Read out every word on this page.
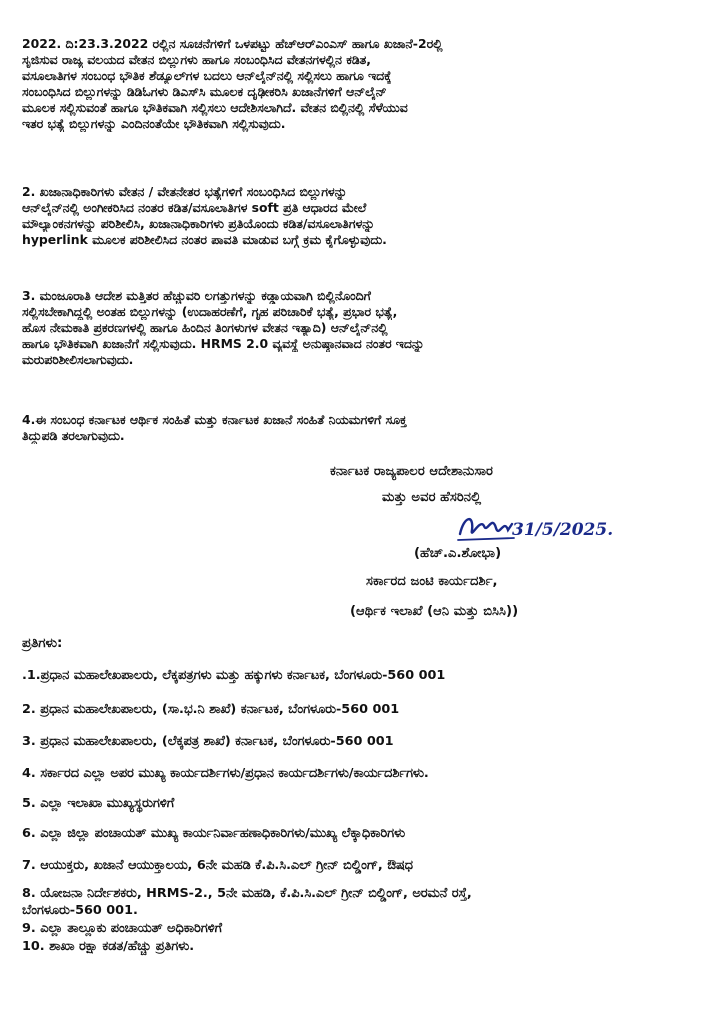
2022. ದಿ:23.3.2022 ರಲ್ಲಿನ ಸೂಚನೆಗಳಿಗೆ ಒಳಪಟ್ಟು ಹೆಚ್‌ಆರ್‌ಎಂಎಸ್ ಹಾಗೂ ಖಜಾನೆ-2ರಲ್ಲಿ
ಸೃಜಿಸುವ ರಾಜ್ಯ ವಲಯದ ವೇತನ ಬಿಲ್ಲುಗಳು ಹಾಗೂ ಸಂಬಂಧಿಸಿದ ವೇತನಗಳಲ್ಲಿನ ಕಡಿತ,
ವಸೂಲಾತಿಗಳ ಸಂಬಂಧ ಭೌತಿಕ ಶೆಡ್ಯೂಲ್‌ಗಳ ಬದಲು ಆನ್‌ಲೈನ್‌ನಲ್ಲಿ ಸಲ್ಲಿಸಲು ಹಾಗೂ ಇದಕ್ಕೆ
ಸಂಬಂಧಿಸಿದ ಬಿಲ್ಲುಗಳನ್ನು ಡಿಡಿಓಗಳು ಡಿಎಸ್‌ಸಿ ಮೂಲಕ ದೃಢೀಕರಿಸಿ ಖಜಾನೆಗಳಿಗೆ ಆನ್‌ಲೈನ್
ಮೂಲಕ ಸಲ್ಲಿಸುವಂತೆ ಹಾಗೂ ಭೌತಿಕವಾಗಿ ಸಲ್ಲಿಸಲು ಆದೇಶಿಸಲಾಗಿದೆ. ವೇತನ ಬಿಲ್ಲಿನಲ್ಲಿ ಸೆಳೆಯುವ
ಇತರ ಭತ್ಯೆ ಬಿಲ್ಲುಗಳನ್ನು ಎಂದಿನಂತೆಯೇ ಭೌತಿಕವಾಗಿ ಸಲ್ಲಿಸುವುದು.
2. ಖಜಾನಾಧಿಕಾರಿಗಳು ವೇತನ / ವೇತನೇತರ ಭತ್ಯೆಗಳಿಗೆ ಸಂಬಂಧಿಸಿದ ಬಿಲ್ಲುಗಳನ್ನು
ಆನ್‌ಲೈನ್‌ನಲ್ಲಿ ಅಂಗೀಕರಿಸಿದ ನಂತರ ಕಡಿತ/ವಸೂಲಾತಿಗಳ soft ಪ್ರತಿ ಆಧಾರದ ಮೇಲೆ
ಮೌಲ್ಯಾಂಕನಗಳನ್ನು ಪರಿಶೀಲಿಸಿ, ಖಜಾನಾಧಿಕಾರಿಗಳು ಪ್ರತಿಯೊಂದು ಕಡಿತ/ವಸೂಲಾತಿಗಳನ್ನು
hyperlink ಮೂಲಕ ಪರಿಶೀಲಿಸಿದ ನಂತರ ಪಾವತಿ ಮಾಡುವ ಬಗ್ಗೆ ಕ್ರಮ ಕೈಗೊಳ್ಳುವುದು.
3. ಮಂಜೂರಾತಿ ಆದೇಶ ಮತ್ತಿತರ ಹೆಚ್ಚುವರಿ ಲಗತ್ತುಗಳನ್ನು ಕಡ್ಡಾಯವಾಗಿ ಬಿಲ್ಲಿನೊಂದಿಗೆ
ಸಲ್ಲಿಸಬೇಕಾಗಿದ್ದಲ್ಲಿ ಅಂತಹ ಬಿಲ್ಲುಗಳನ್ನು (ಉದಾಹರಣೆಗೆ, ಗೃಹ ಪರಿಚಾರಿಕೆ ಭತ್ಯೆ, ಪ್ರಭಾರ ಭತ್ಯೆ,
ಹೊಸ ನೇಮಕಾತಿ ಪ್ರಕರಣಗಳಲ್ಲಿ ಹಾಗೂ ಹಿಂದಿನ ತಿಂಗಳುಗಳ ವೇತನ ಇತ್ಯಾದಿ) ಆನ್‌ಲೈನ್‌ನಲ್ಲಿ
ಹಾಗೂ ಭೌತಿಕವಾಗಿ ಖಜಾನೆಗೆ ಸಲ್ಲಿಸುವುದು. HRMS 2.0 ವ್ಯವಸ್ಥೆ ಅನುಷ್ಠಾನವಾದ ನಂತರ ಇದನ್ನು
ಮರುಪರಿಶೀಲಿಸಲಾಗುವುದು.
4.ಈ ಸಂಬಂಧ ಕರ್ನಾಟಕ ಆರ್ಥಿಕ ಸಂಹಿತೆ ಮತ್ತು ಕರ್ನಾಟಕ ಖಜಾನೆ ಸಂಹಿತೆ ನಿಯಮಗಳಿಗೆ ಸೂಕ್ತ
ತಿದ್ದುಪಡಿ ತರಲಾಗುವುದು.
ಕರ್ನಾಟಕ ರಾಜ್ಯಪಾಲರ ಆದೇಶಾನುಸಾರ
ಮತ್ತು ಅವರ ಹೆಸರಿನಲ್ಲಿ
31/5/2025.
(ಹೆಚ್.ಎ.ಶೋಭಾ)
ಸರ್ಕಾರದ ಜಂಟಿ ಕಾರ್ಯದರ್ಶಿ,
(ಆರ್ಥಿಕ ಇಲಾಖೆ (ಆನಿ ಮತ್ತು ಬಿಸಿಸಿ))
ಪ್ರತಿಗಳು:
.1.ಪ್ರಧಾನ ಮಹಾಲೇಖಪಾಲರು, ಲೆಕ್ಕಪತ್ರಗಳು ಮತ್ತು ಹಕ್ಕುಗಳು ಕರ್ನಾಟಕ, ಬೆಂಗಳೂರು-560 001
2. ಪ್ರಧಾನ ಮಹಾಲೇಖಪಾಲರು, (ಸಾ.ಭ.ನಿ ಶಾಖೆ) ಕರ್ನಾಟಕ, ಬೆಂಗಳೂರು-560 001
3. ಪ್ರಧಾನ ಮಹಾಲೇಖಪಾಲರು, (ಲೆಕ್ಕಪತ್ರ ಶಾಖೆ) ಕರ್ನಾಟಕ, ಬೆಂಗಳೂರು-560 001
4. ಸರ್ಕಾರದ ಎಲ್ಲಾ ಅಪರ ಮುಖ್ಯ ಕಾರ್ಯದರ್ಶಿಗಳು/ಪ್ರಧಾನ ಕಾರ್ಯದರ್ಶಿಗಳು/ಕಾರ್ಯದರ್ಶಿಗಳು.
5. ಎಲ್ಲಾ ಇಲಾಖಾ ಮುಖ್ಯಸ್ಥರುಗಳಿಗೆ
6. ಎಲ್ಲಾ ಜಿಲ್ಲಾ ಪಂಚಾಯತ್ ಮುಖ್ಯ ಕಾರ್ಯನಿರ್ವಾಹಣಾಧಿಕಾರಿಗಳು/ಮುಖ್ಯ ಲೆಕ್ಕಾಧಿಕಾರಿಗಳು
7. ಆಯುಕ್ತರು, ಖಜಾನೆ ಆಯುಕ್ತಾಲಯ, 6ನೇ ಮಹಡಿ ಕೆ.ಪಿ.ಸಿ.ಎಲ್ ಗ್ರೀನ್ ಬಿಲ್ಡಿಂಗ್, ಔಷಧ
8. ಯೋಜನಾ ನಿರ್ದೇಶಕರು, HRMS-2., 5ನೇ ಮಹಡಿ, ಕೆ.ಪಿ.ಸಿ.ಎಲ್ ಗ್ರೀನ್ ಬಿಲ್ಡಿಂಗ್, ಅರಮನೆ ರಸ್ತೆ,
ಬೆಂಗಳೂರು-560 001.
9. ಎಲ್ಲಾ ತಾಲ್ಲೂಕು ಪಂಚಾಯತ್ ಅಧಿಕಾರಿಗಳಿಗೆ
10. ಶಾಖಾ ರಕ್ಷಾ ಕಡತ/ಹೆಚ್ಚು ಪ್ರತಿಗಳು.
